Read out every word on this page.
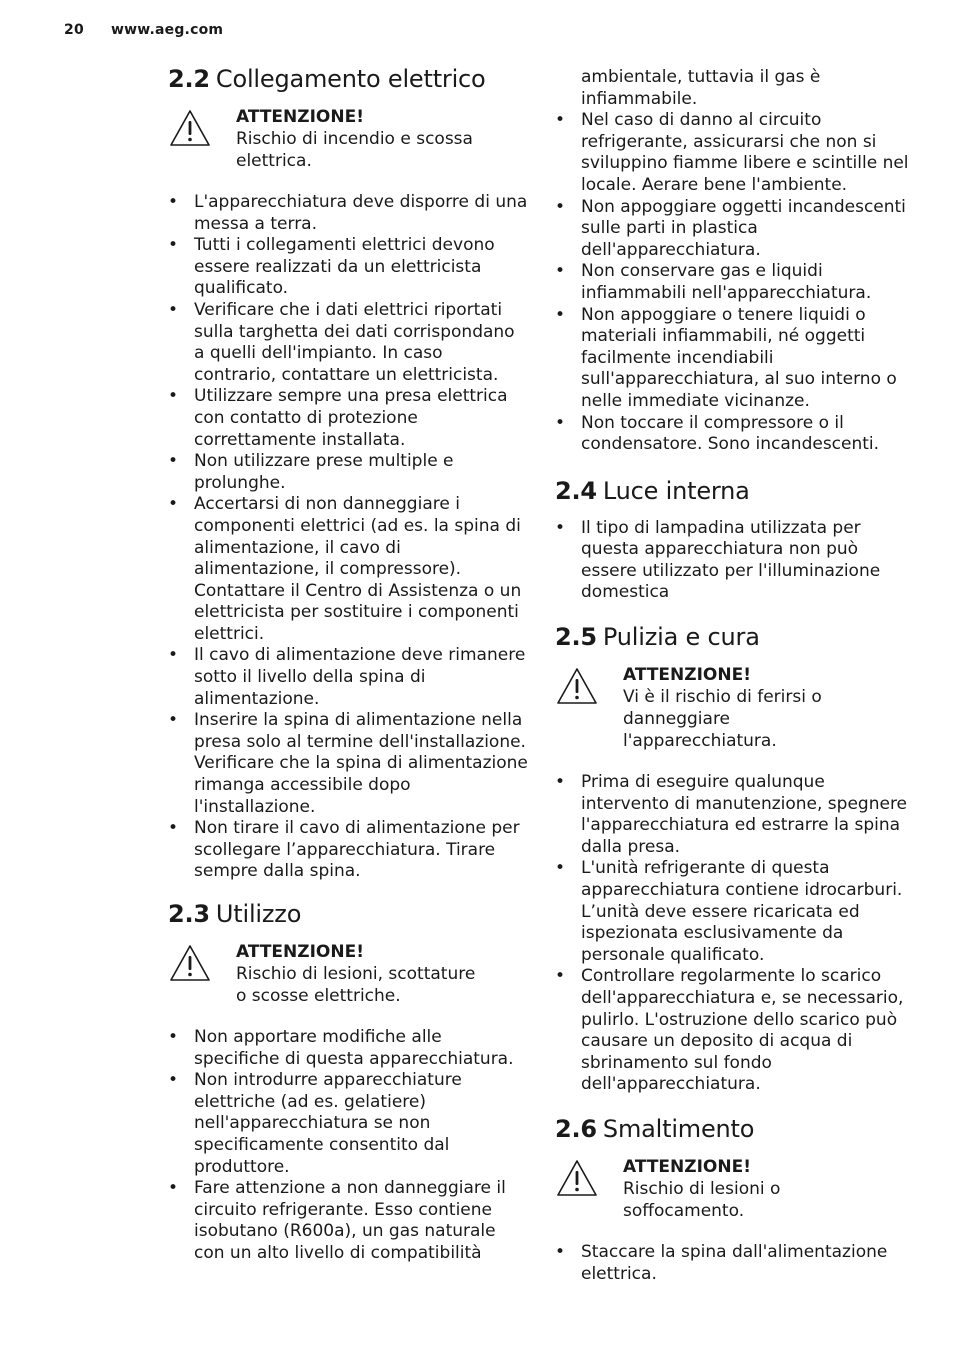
20 www.aeg.com
2.2 Collegamento elettrico
ATTENZIONE!
Rischio di incendio e scossa elettrica.
• L'apparecchiatura deve disporre di una messa a terra.
• Tutti i collegamenti elettrici devono essere realizzati da un elettricista qualificato.
• Verificare che i dati elettrici riportati sulla targhetta dei dati corrispondano a quelli dell'impianto. In caso contrario, contattare un elettricista.
• Utilizzare sempre una presa elettrica con contatto di protezione correttamente installata.
• Non utilizzare prese multiple e prolunghe.
• Accertarsi di non danneggiare i componenti elettrici (ad es. la spina di alimentazione, il cavo di alimentazione, il compressore). Contattare il Centro di Assistenza o un elettricista per sostituire i componenti elettrici.
• Il cavo di alimentazione deve rimanere sotto il livello della spina di alimentazione.
• Inserire la spina di alimentazione nella presa solo al termine dell'installazione. Verificare che la spina di alimentazione rimanga accessibile dopo l'installazione.
• Non tirare il cavo di alimentazione per scollegare l’apparecchiatura. Tirare sempre dalla spina.
2.3 Utilizzo
ATTENZIONE!
Rischio di lesioni, scottature o scosse elettriche.
• Non apportare modifiche alle specifiche di questa apparecchiatura.
• Non introdurre apparecchiature elettriche (ad es. gelatiere) nell'apparecchiatura se non specificamente consentito dal produttore.
• Fare attenzione a non danneggiare il circuito refrigerante. Esso contiene isobutano (R600a), un gas naturale con un alto livello di compatibilità
ambientale, tuttavia il gas è infiammabile.
• Nel caso di danno al circuito refrigerante, assicurarsi che non si sviluppino fiamme libere e scintille nel locale. Aerare bene l'ambiente.
• Non appoggiare oggetti incandescenti sulle parti in plastica dell'apparecchiatura.
• Non conservare gas e liquidi infiammabili nell'apparecchiatura.
• Non appoggiare o tenere liquidi o materiali infiammabili, né oggetti facilmente incendiabili sull'apparecchiatura, al suo interno o nelle immediate vicinanze.
• Non toccare il compressore o il condensatore. Sono incandescenti.
2.4 Luce interna
• Il tipo di lampadina utilizzata per questa apparecchiatura non può essere utilizzato per l'illuminazione domestica
2.5 Pulizia e cura
ATTENZIONE!
Vi è il rischio di ferirsi o danneggiare l'apparecchiatura.
• Prima di eseguire qualunque intervento di manutenzione, spegnere l'apparecchiatura ed estrarre la spina dalla presa.
• L'unità refrigerante di questa apparecchiatura contiene idrocarburi. L’unità deve essere ricaricata ed ispezionata esclusivamente da personale qualificato.
• Controllare regolarmente lo scarico dell'apparecchiatura e, se necessario, pulirlo. L'ostruzione dello scarico può causare un deposito di acqua di sbrinamento sul fondo dell'apparecchiatura.
2.6 Smaltimento
ATTENZIONE!
Rischio di lesioni o soffocamento.
• Staccare la spina dall'alimentazione elettrica.
